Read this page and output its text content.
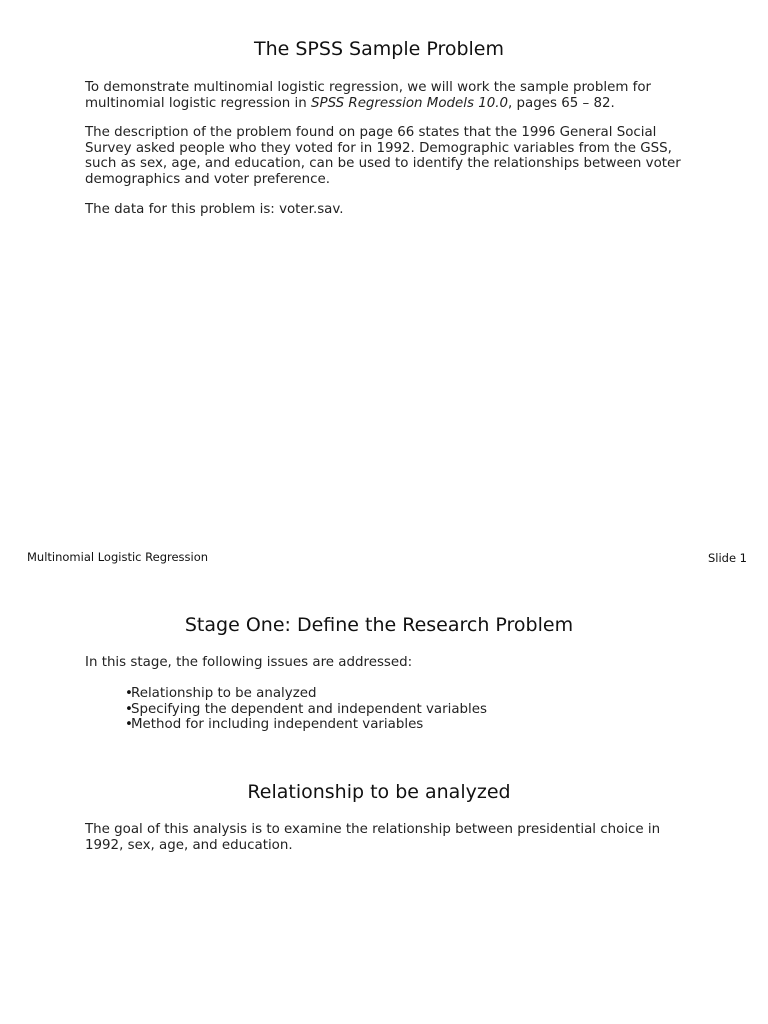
The SPSS Sample Problem
To demonstrate multinomial logistic regression, we will work the sample problem for
multinomial logistic regression in SPSS Regression Models 10.0, pages 65 – 82.
The description of the problem found on page 66 states that the 1996 General Social
Survey asked people who they voted for in 1992. Demographic variables from the GSS,
such as sex, age, and education, can be used to identify the relationships between voter
demographics and voter preference.
The data for this problem is: voter.sav.
Multinomial Logistic Regression	Slide 1
Stage One: Define the Research Problem
In this stage, the following issues are addressed:
•Relationship to be analyzed
•Specifying the dependent and independent variables
•Method for including independent variables
Relationship to be analyzed
The goal of this analysis is to examine the relationship between presidential choice in
1992, sex, age, and education.
